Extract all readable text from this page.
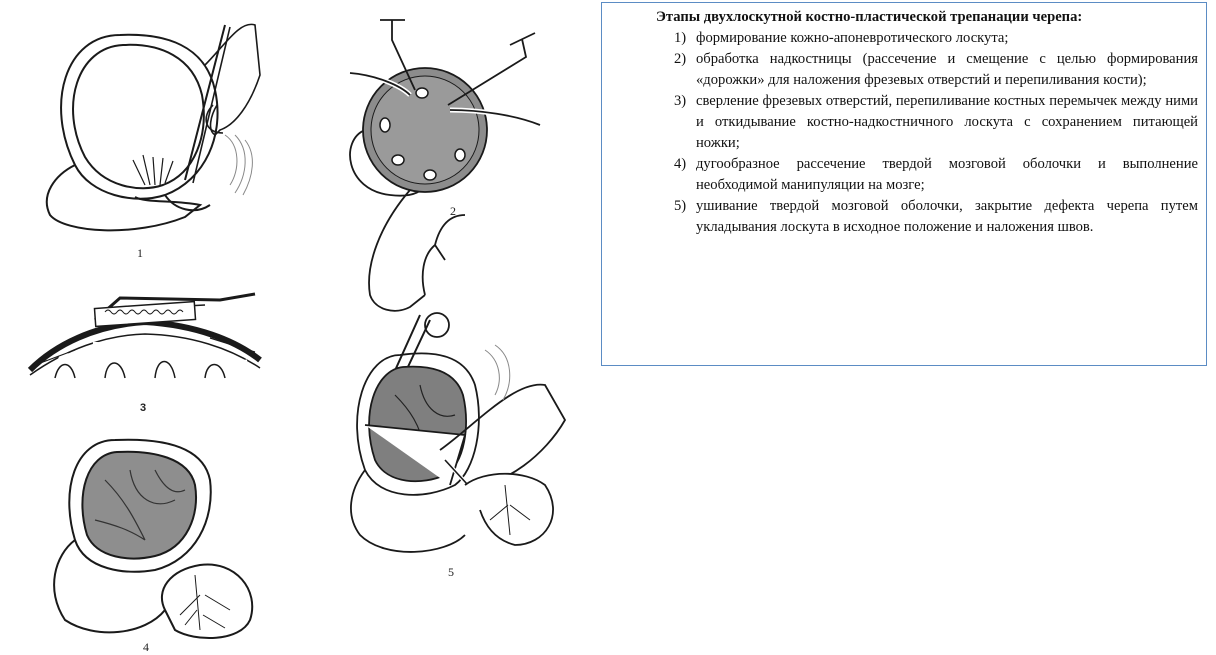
1
2
3
4
5

Этапы двухлоскутной костно-пластической трепанации черепа:

1) формирование кожно-апоневротического лоскута;
2) обработка надкостницы (рассечение и смещение с целью формирования «дорожки» для наложения фрезевых отверстий и перепиливания кости);
3) сверление фрезевых отверстий, перепиливание костных перемычек между ними и откидывание костно-надкостничного лоскута с сохранением питающей ножки;
4) дугообразное рассечение твердой мозговой оболочки и выполнение необходимой манипуляции на мозге;
5) ушивание твердой мозговой оболочки, закрытие дефекта черепа путем укладывания лоскута в исходное положение и наложения швов.
